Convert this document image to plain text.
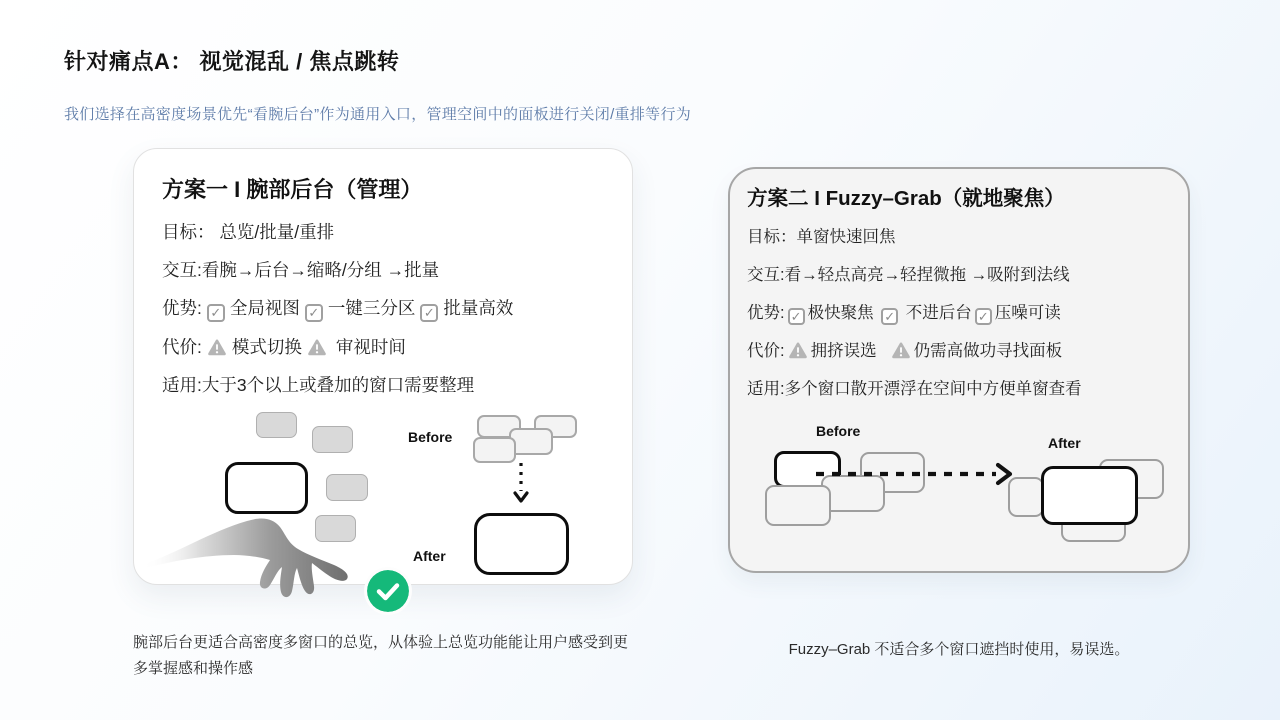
针对痛点A： 视觉混乱 / 焦点跳转
我们选择在高密度场景优先“看腕后台”作为通用入口，管理空间中的面板进行关闭/重排等行为
方案一 I 腕部后台（管理）
目标： 总览/批量/重排
交互:看腕→后台→缩略/分组 →批量
优势: ✓ 全局视图 ✓ 一键三分区 ✓ 批量高效
代价: 模式切换 审视时间
适用:大于3个以上或叠加的窗口需要整理
Before
After
方案二 I Fuzzy–Grab（就地聚焦）
目标：单窗快速回焦
交互:看→轻点高亮→轻捏微拖 →吸附到法线
优势: ✓ 极快聚焦 ✓ 不进后台 ✓ 压噪可读
代价: 拥挤误选 仍需高做功寻找面板
适用:多个窗口散开漂浮在空间中方便单窗查看
Before
After
腕部后台更适合高密度多窗口的总览，从体验上总览功能能让用户感受到更多掌握感和操作感
Fuzzy–Grab 不适合多个窗口遮挡时使用，易误选。
